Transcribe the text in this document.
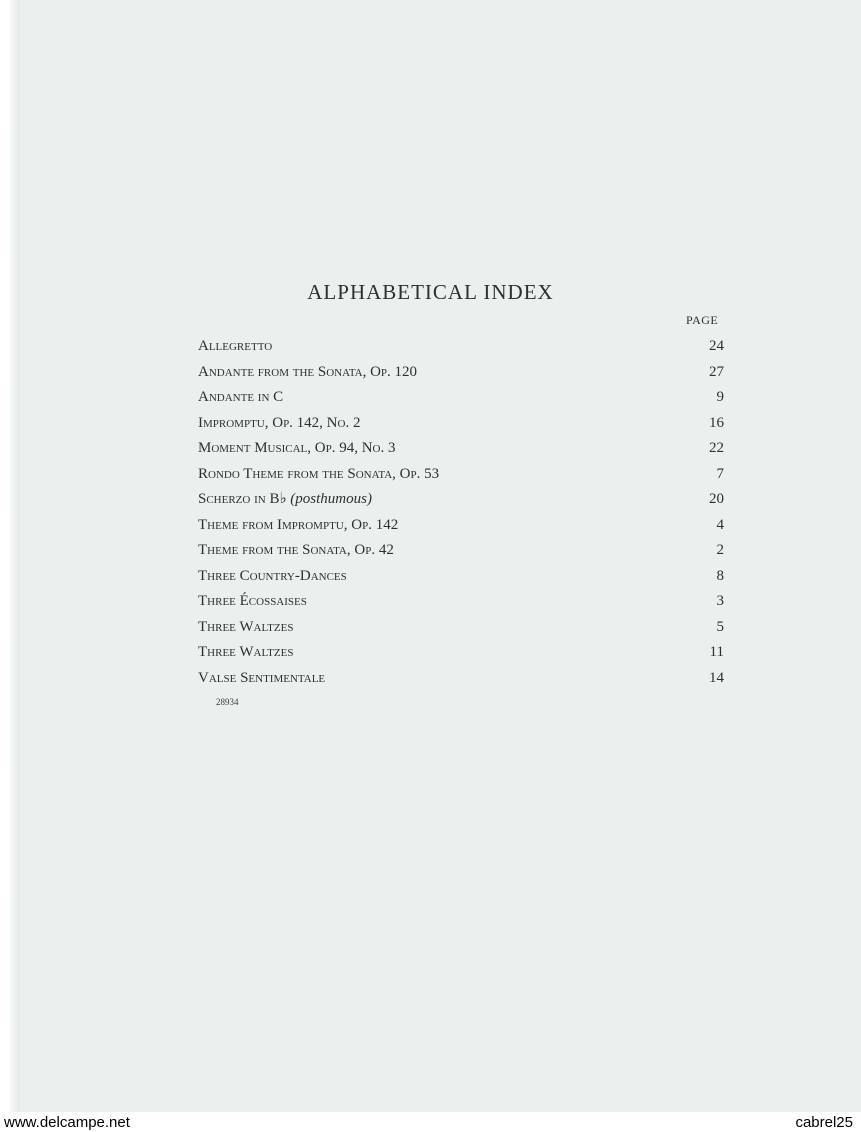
ALPHABETICAL INDEX
PAGE
Allegretto	24
Andante from the Sonata, Op. 120	27
Andante in C	9
Impromptu, Op. 142, No. 2	16
Moment Musical, Op. 94, No. 3	22
Rondo Theme from the Sonata, Op. 53	7
Scherzo in B♭ (posthumous)	20
Theme from Impromptu, Op. 142	4
Theme from the Sonata, Op. 42	2
Three Country-Dances	8
Three Écossaises	3
Three Waltzes	5
Three Waltzes	11
Valse Sentimentale	14
28934
www.delcampe.net	cabrel25
